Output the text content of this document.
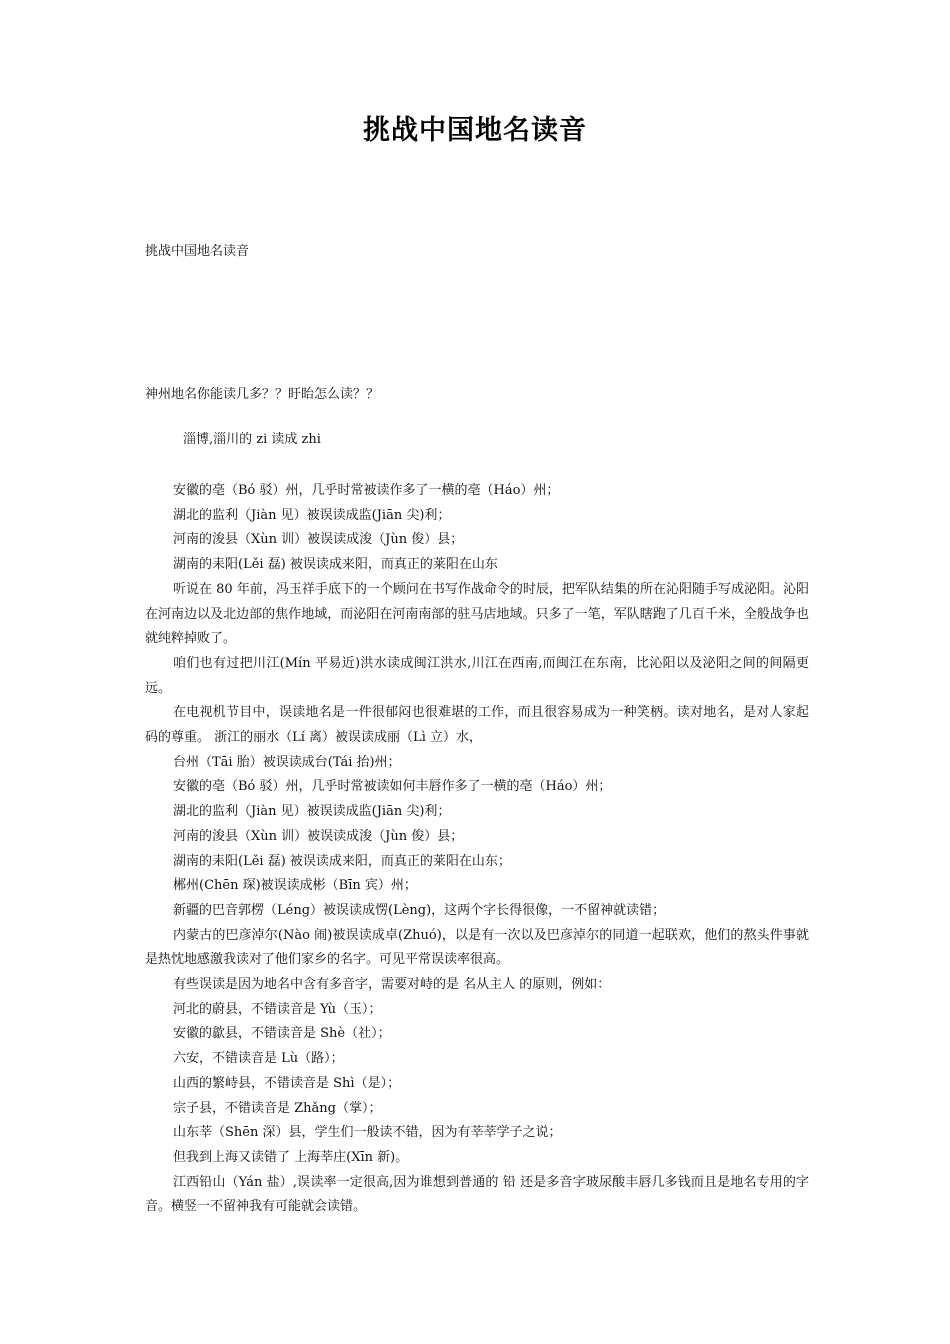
挑战中国地名读音
挑战中国地名读音
神州地名你能读几多？？盱眙怎么读？？
淄博,淄川的 zi 读成 zhi

安徽的亳（Bó 驳）州，几乎时常被读作多了一横的亳（Háo）州；

湖北的监利（Jiàn 见）被误读成监(Jiān 尖)利；

河南的浚县（Xùn 训）被误读成浚（Jùn 俊）县；

湖南的耒阳(Lěi 磊) 被误读成来阳，而真正的莱阳在山东

听说在 80 年前，冯玉祥手底下的一个顾问在书写作战命令的时辰，把军队结集的所在沁阳随手写成泌阳。沁阳在河南边以及北边部的焦作地域，而泌阳在河南南部的驻马店地域。只多了一笔，军队瞎跑了几百千米，全般战争也就纯粹掉败了。

咱们也有过把川江(Mín 平易近)洪水读成闽江洪水,川江在西南,而闽江在东南，比沁阳以及泌阳之间的间隔更远。

在电视机节目中，误读地名是一件很郁闷也很难堪的工作，而且很容易成为一种笑柄。读对地名，是对人家起码的尊重。 浙江的丽水（Lí 离）被误读成丽（Lì 立）水，

台州（Tāi 胎）被误读成台(Tái 抬)州；

安徽的亳（Bó 驳）州，几乎时常被读如何丰唇作多了一横的亳（Háo）州；

湖北的监利（Jiàn 见）被误读成监(Jiān 尖)利；

河南的浚县（Xùn 训）被误读成浚（Jùn 俊）县；

湖南的耒阳(Lěi 磊) 被误读成来阳，而真正的莱阳在山东；

郴州(Chēn 琛)被误读成彬（Bīn 宾）州；

新疆的巴音郭楞（Léng）被误读成愣(Lèng)，这两个字长得很像，一不留神就读错；

内蒙古的巴彦淖尔(Nào 闹)被误读成卓(Zhuó)，以是有一次以及巴彦淖尔的同道一起联欢，他们的熬头件事就是热忱地感激我读对了他们家乡的名字。可见平常误读率很高。

有些误读是因为地名中含有多音字，需要对峙的是 名从主人 的原则，例如：

河北的蔚县，不错读音是 Yù（玉）；

安徽的歙县，不错读音是 Shè（社）；

六安，不错读音是 Lù（路）；

山西的繁峙县，不错读音是 Shì（是）；

宗子县，不错读音是 Zhǎng（掌）；

山东莘（Shēn 深）县，学生们一般读不错，因为有莘莘学子之说；

但我到上海又读错了 上海莘庄(Xīn 新)。

江西铅山（Yán 盐）,误读率一定很高,因为谁想到普通的 铅 还是多音字玻尿酸丰唇几多钱而且是地名专用的字音。横竖一不留神我有可能就会读错。
